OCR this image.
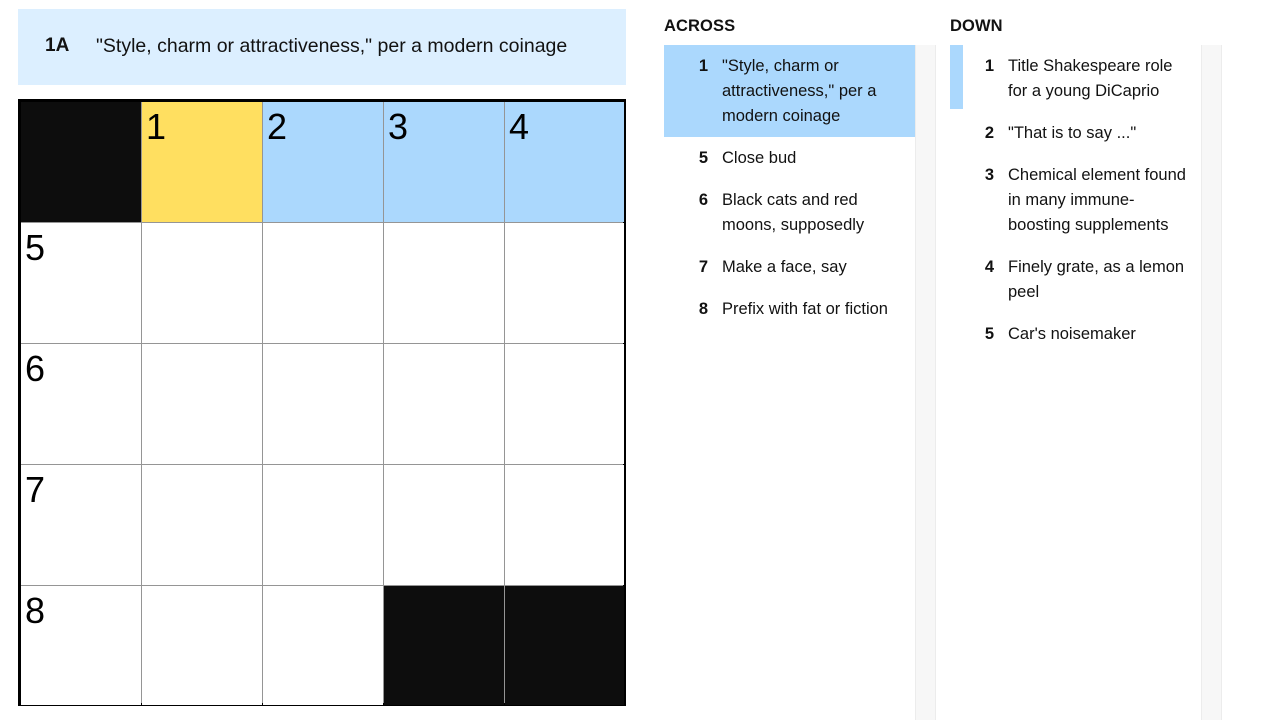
1A	"Style, charm or attractiveness," per a modern coinage
1	2	3	4
5
6
7
8
ACROSS
1 "Style, charm or attractiveness," per a modern coinage
5 Close bud
6 Black cats and red moons, supposedly
7 Make a face, say
8 Prefix with fat or fiction
DOWN
1 Title Shakespeare role for a young DiCaprio
2 "That is to say ..."
3 Chemical element found in many immune-boosting supplements
4 Finely grate, as a lemon peel
5 Car's noisemaker
